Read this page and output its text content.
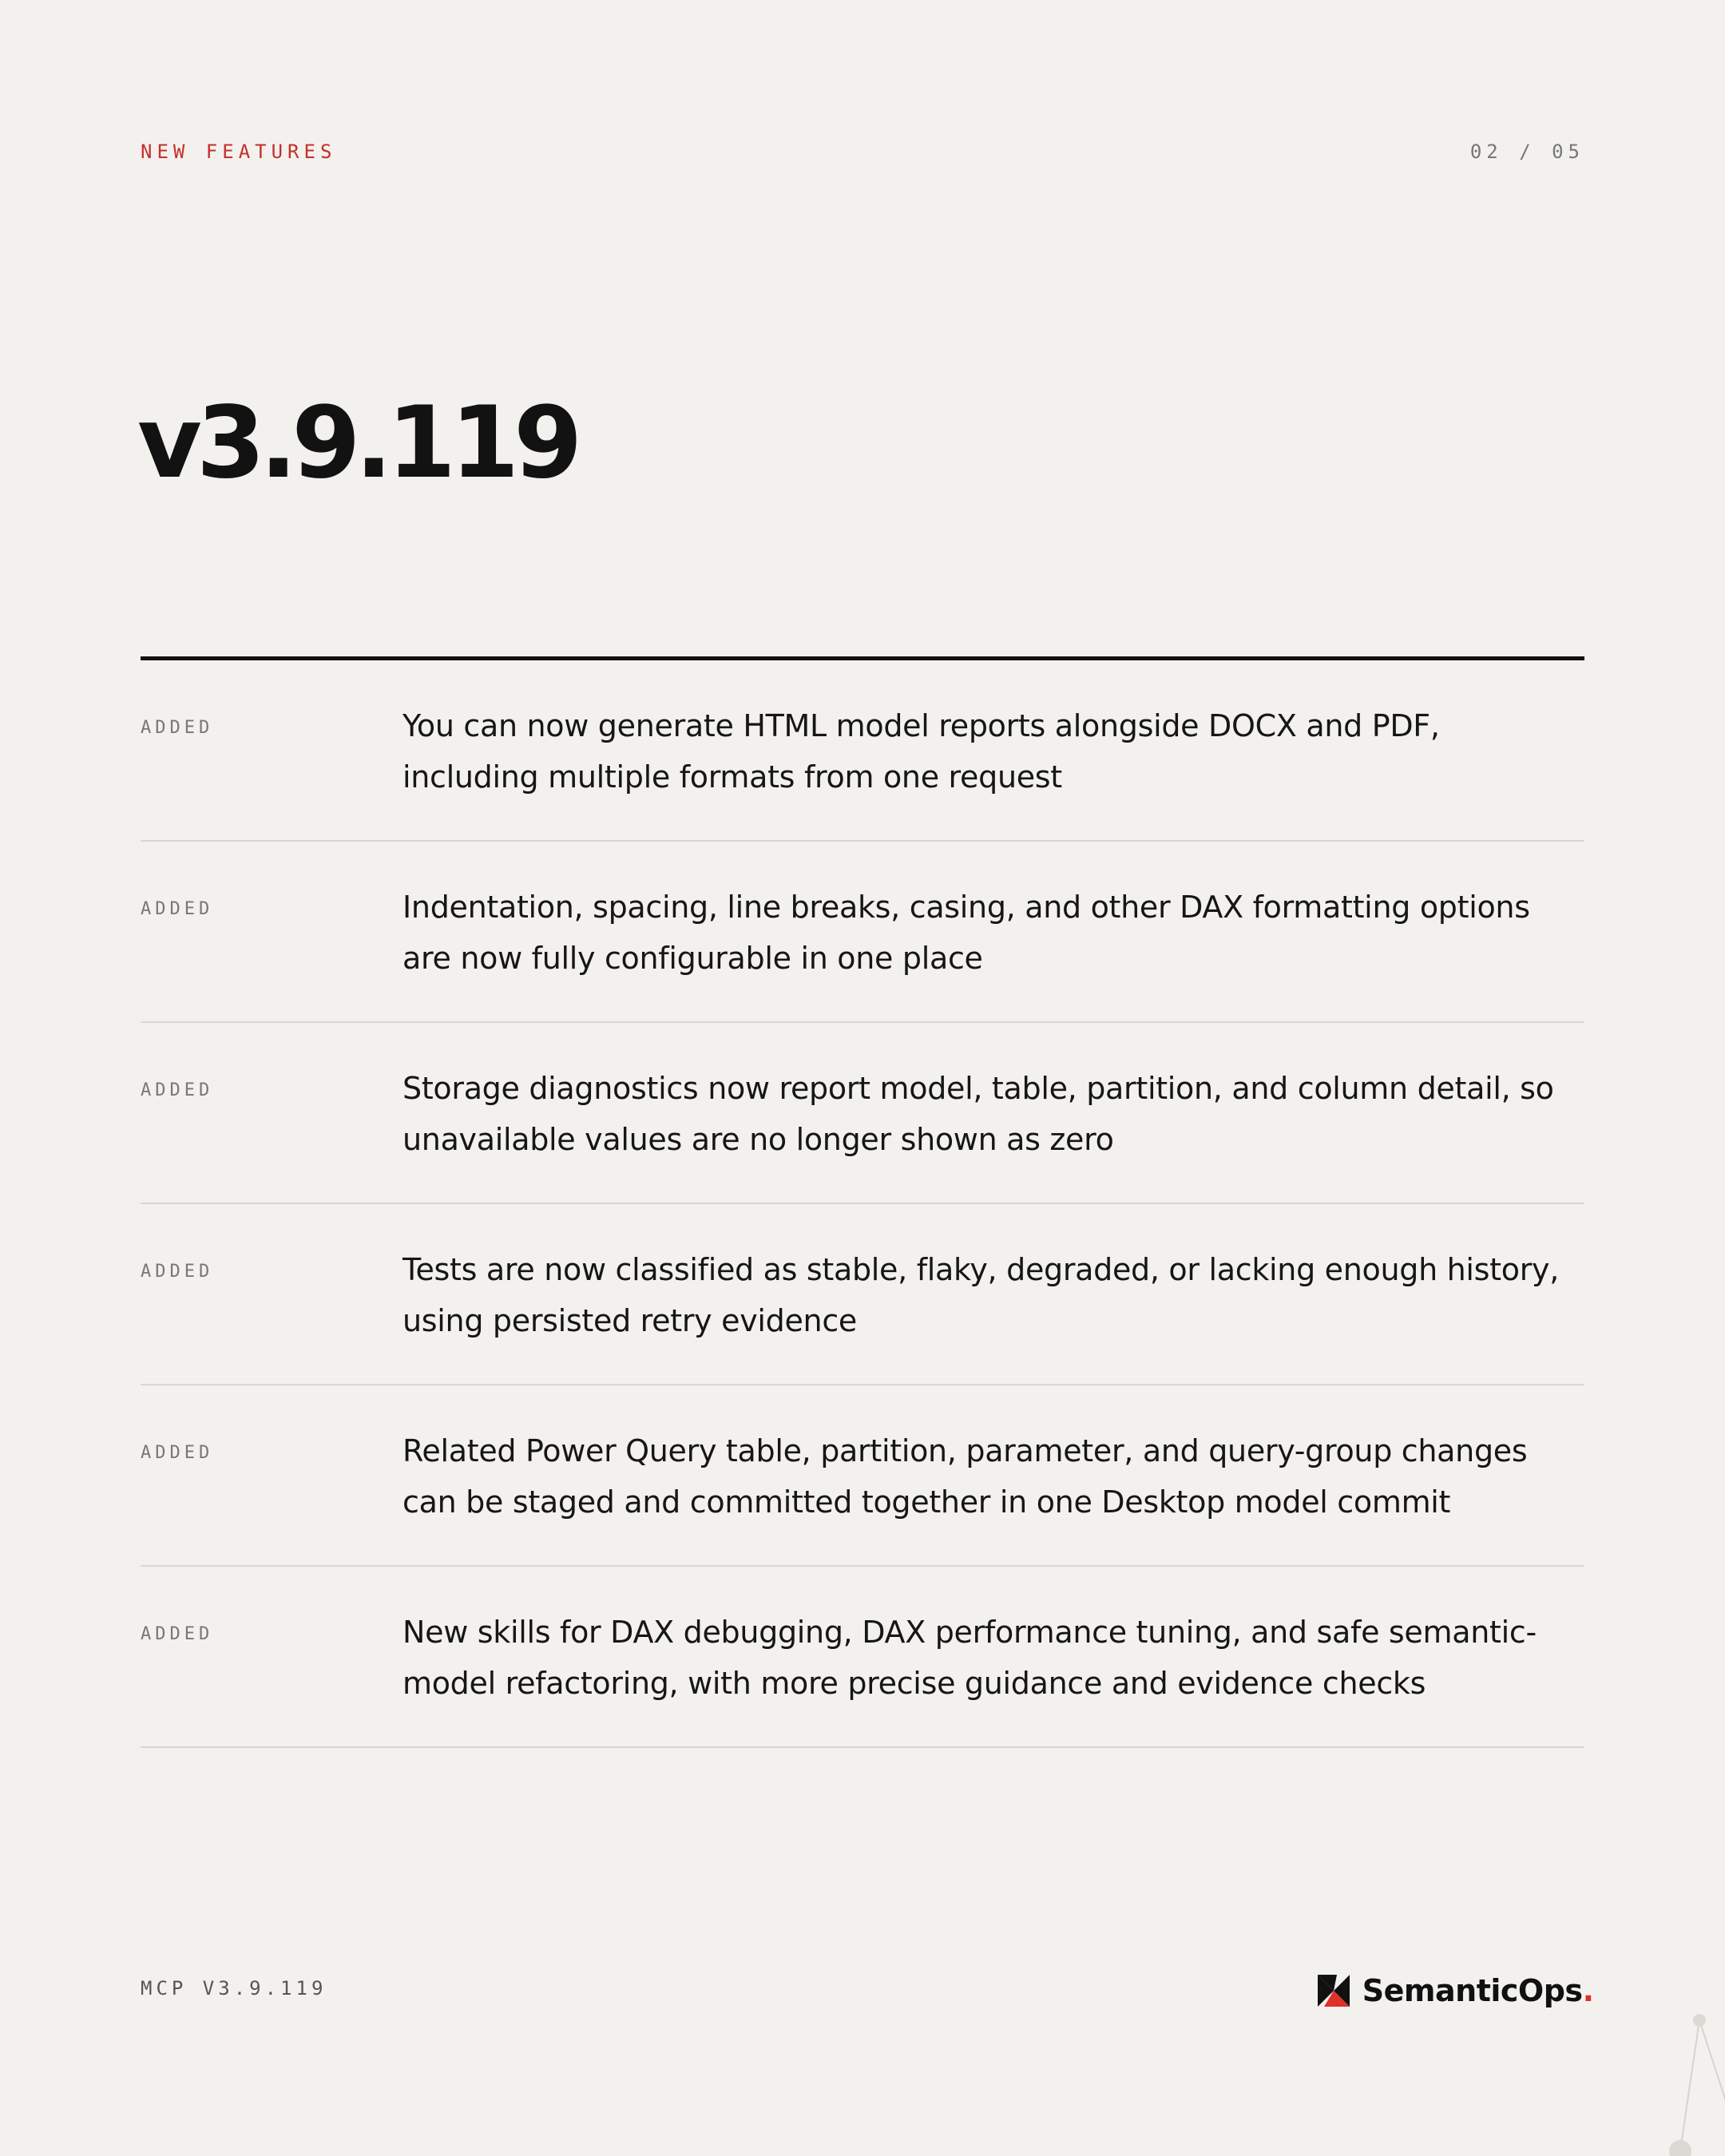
NEW FEATURES	02 / 05
v3.9.119
ADDED	You can now generate HTML model reports alongside DOCX and PDF, including multiple formats from one request
ADDED	Indentation, spacing, line breaks, casing, and other DAX formatting options are now fully configurable in one place
ADDED	Storage diagnostics now report model, table, partition, and column detail, so unavailable values are no longer shown as zero
ADDED	Tests are now classified as stable, flaky, degraded, or lacking enough history, using persisted retry evidence
ADDED	Related Power Query table, partition, parameter, and query-group changes can be staged and committed together in one Desktop model commit
ADDED	New skills for DAX debugging, DAX performance tuning, and safe semantic-model refactoring, with more precise guidance and evidence checks
MCP V3.9.119	SemanticOps .
